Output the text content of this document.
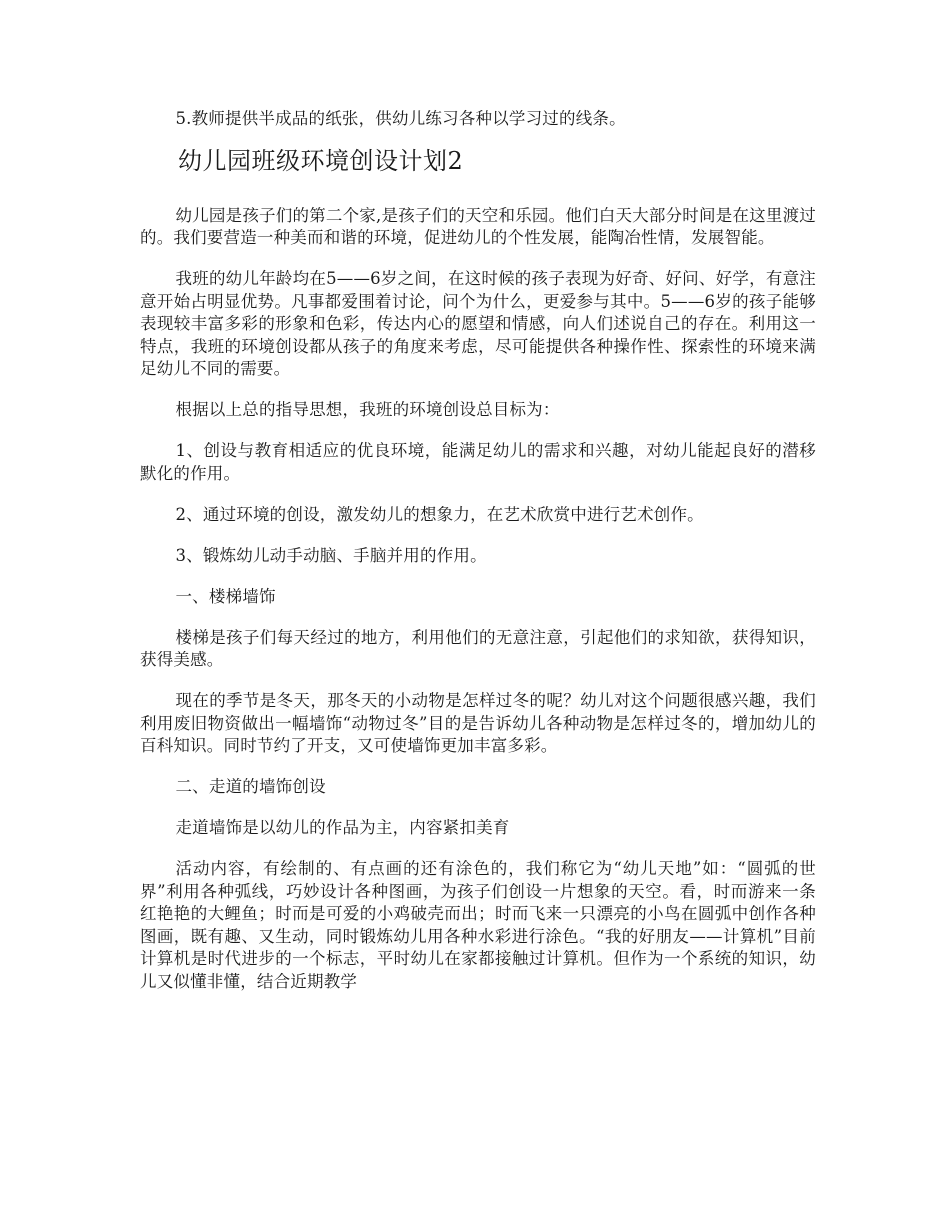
5.教师提供半成品的纸张，供幼儿练习各种以学习过的线条。

幼儿园班级环境创设计划2

幼儿园是孩子们的第二个家,是孩子们的天空和乐园。他们白天大部分时间是在这里渡过的。我们要营造一种美而和谐的环境，促进幼儿的个性发展，能陶冶性情，发展智能。

我班的幼儿年龄均在5——6岁之间，在这时候的孩子表现为好奇、好问、好学，有意注意开始占明显优势。凡事都爱围着讨论，问个为什么，更爱参与其中。5——6岁的孩子能够表现较丰富多彩的形象和色彩，传达内心的愿望和情感，向人们述说自己的存在。利用这一特点，我班的环境创设都从孩子的角度来考虑，尽可能提供各种操作性、探索性的环境来满足幼儿不同的需要。

根据以上总的指导思想，我班的环境创设总目标为：

1、创设与教育相适应的优良环境，能满足幼儿的需求和兴趣，对幼儿能起良好的潜移默化的作用。

2、通过环境的创设，激发幼儿的想象力，在艺术欣赏中进行艺术创作。

3、锻炼幼儿动手动脑、手脑并用的作用。

一、楼梯墙饰

楼梯是孩子们每天经过的地方，利用他们的无意注意，引起他们的求知欲，获得知识，获得美感。

现在的季节是冬天，那冬天的小动物是怎样过冬的呢？幼儿对这个问题很感兴趣，我们利用废旧物资做出一幅墙饰“动物过冬”目的是告诉幼儿各种动物是怎样过冬的，增加幼儿的百科知识。同时节约了开支，又可使墙饰更加丰富多彩。

二、走道的墙饰创设

走道墙饰是以幼儿的作品为主，内容紧扣美育

活动内容，有绘制的、有点画的还有涂色的，我们称它为“幼儿天地”如：“圆弧的世界”利用各种弧线，巧妙设计各种图画，为孩子们创设一片想象的天空。看，时而游来一条红艳艳的大鲤鱼；时而是可爱的小鸡破壳而出；时而飞来一只漂亮的小鸟在圆弧中创作各种图画，既有趣、又生动，同时锻炼幼儿用各种水彩进行涂色。“我的好朋友——计算机”目前计算机是时代进步的一个标志，平时幼儿在家都接触过计算机。但作为一个系统的知识，幼儿又似懂非懂，结合近期教学
